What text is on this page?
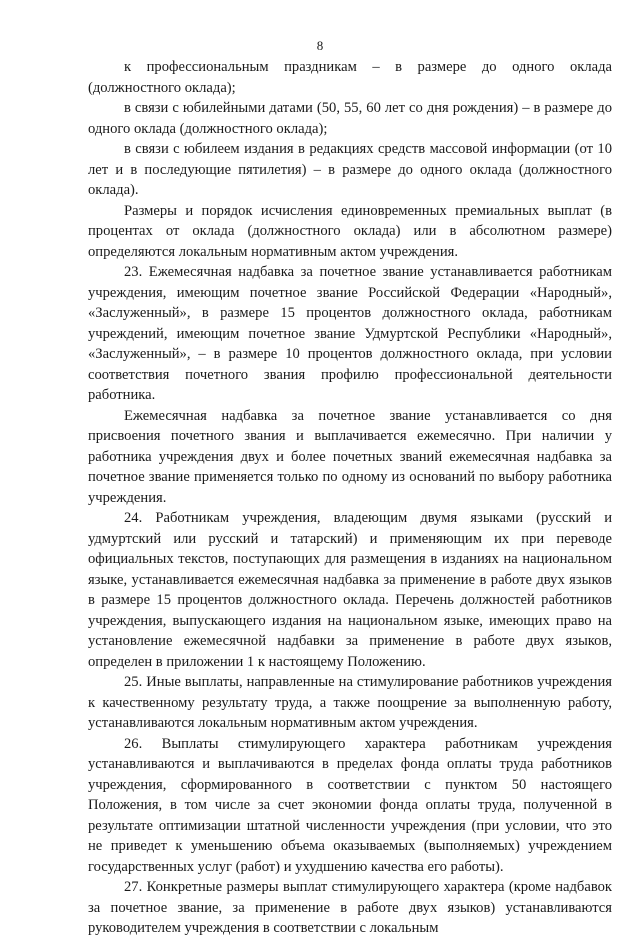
8

к профессиональным праздникам – в размере до одного оклада (должностного оклада);

в связи с юбилейными датами (50, 55, 60 лет со дня рождения) – в размере до одного оклада (должностного оклада);

в связи с юбилеем издания в редакциях средств массовой информации (от 10 лет и в последующие пятилетия) – в размере до одного оклада (должностного оклада).

Размеры и порядок исчисления единовременных премиальных выплат (в процентах от оклада (должностного оклада) или в абсолютном размере) определяются локальным нормативным актом учреждения.

23. Ежемесячная надбавка за почетное звание устанавливается работникам учреждения, имеющим почетное звание Российской Федерации «Народный», «Заслуженный», в размере 15 процентов должностного оклада, работникам учреждений, имеющим почетное звание Удмуртской Республики «Народный», «Заслуженный», – в размере 10 процентов должностного оклада, при условии соответствия почетного звания профилю профессиональной деятельности работника.

Ежемесячная надбавка за почетное звание устанавливается со дня присвоения почетного звания и выплачивается ежемесячно. При наличии у работника учреждения двух и более почетных званий ежемесячная надбавка за почетное звание применяется только по одному из оснований по выбору работника учреждения.

24. Работникам учреждения, владеющим двумя языками (русский и удмуртский или русский и татарский) и применяющим их при переводе официальных текстов, поступающих для размещения в изданиях на национальном языке, устанавливается ежемесячная надбавка за применение в работе двух языков в размере 15 процентов должностного оклада. Перечень должностей работников учреждения, выпускающего издания на национальном языке, имеющих право на установление ежемесячной надбавки за применение в работе двух языков, определен в приложении 1 к настоящему Положению.

25. Иные выплаты, направленные на стимулирование работников учреждения к качественному результату труда, а также поощрение за выполненную работу, устанавливаются локальным нормативным актом учреждения.

26. Выплаты стимулирующего характера работникам учреждения устанавливаются и выплачиваются в пределах фонда оплаты труда работников учреждения, сформированного в соответствии с пунктом 50 настоящего Положения, в том числе за счет экономии фонда оплаты труда, полученной в результате оптимизации штатной численности учреждения (при условии, что это не приведет к уменьшению объема оказываемых (выполняемых) учреждением государственных услуг (работ) и ухудшению качества его работы).

27. Конкретные размеры выплат стимулирующего характера (кроме надбавок за почетное звание, за применение в работе двух языков) устанавливаются руководителем учреждения в соответствии с локальным
